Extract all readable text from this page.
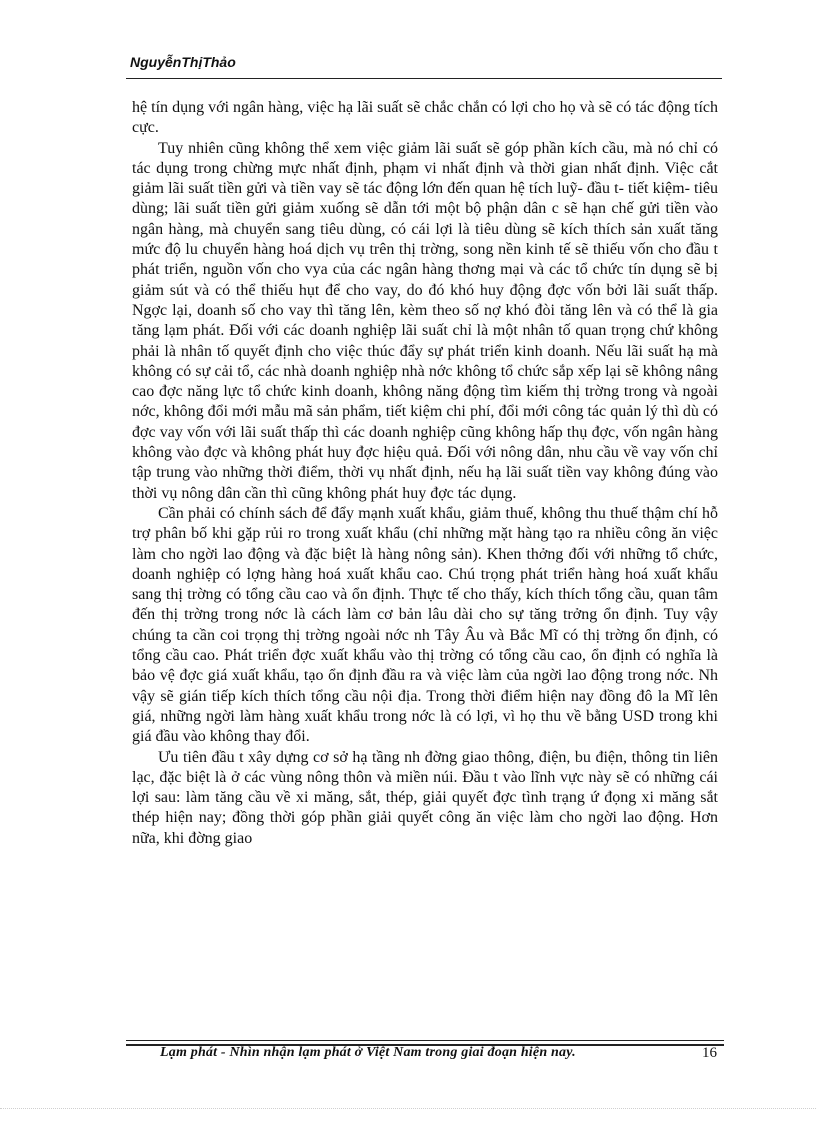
NguyễnThịThảo

hệ tín dụng với ngân hàng, việc hạ lãi suất sẽ chắc chắn có lợi cho họ và sẽ có tác động tích cực.

Tuy nhiên cũng không thể xem việc giảm lãi suất sẽ góp phần kích cầu, mà nó chỉ có tác dụng trong chừng mực nhất định, phạm vi nhất định và thời gian nhất định. Việc cắt giảm lãi suất tiền gửi và tiền vay sẽ tác động lớn đến quan hệ tích luỹ- đầu t- tiết kiệm- tiêu dùng; lãi suất tiền gửi giảm xuống sẽ dẫn tới một bộ phận dân c sẽ hạn chế gửi tiền vào ngân hàng, mà chuyển sang tiêu dùng, có cái lợi là tiêu dùng sẽ kích thích sản xuất tăng mức độ lu chuyển hàng hoá dịch vụ trên thị trờng, song nền kinh tế sẽ thiếu vốn cho đầu t phát triển, nguồn vốn cho vya của các ngân hàng thơng mại và các tổ chức tín dụng sẽ bị giảm sút và có thể thiếu hụt để cho vay, do đó khó huy động đợc vốn bởi lãi suất thấp. Ngợc lại, doanh số cho vay thì tăng lên, kèm theo số nợ khó đòi tăng lên và có thể là gia tăng lạm phát. Đối với các doanh nghiệp lãi suất chỉ là một nhân tố quan trọng chứ không phải là nhân tố quyết định cho việc thúc đẩy sự phát triển kinh doanh. Nếu lãi suất hạ mà không có sự cải tổ, các nhà doanh nghiệp nhà nớc không tổ chức sắp xếp lại sẽ không nâng cao đợc năng lực tổ chức kinh doanh, không năng động tìm kiếm thị trờng trong và ngoài nớc, không đổi mới mẫu mã sản phẩm, tiết kiệm chi phí, đổi mới công tác quản lý thì dù có đợc vay vốn với lãi suất thấp thì các doanh nghiệp cũng không hấp thụ đợc, vốn ngân hàng không vào đợc và không phát huy đợc hiệu quả. Đối với nông dân, nhu cầu về vay vốn chỉ tập trung vào những thời điểm, thời vụ nhất định, nếu hạ lãi suất tiền vay không đúng vào thời vụ nông dân cần thì cũng không phát huy đợc tác dụng.

Cần phải có chính sách để đẩy mạnh xuất khẩu, giảm thuế, không thu thuế thậm chí hỗ trợ phân bố khi gặp rủi ro trong xuất khẩu (chỉ những mặt hàng tạo ra nhiều công ăn việc làm cho ngời lao động và đặc biệt là hàng nông sản). Khen thởng đối với những tổ chức, doanh nghiệp có lợng hàng hoá xuất khẩu cao. Chú trọng phát triển hàng hoá xuất khẩu sang thị trờng có tổng cầu cao và ổn định. Thực tế cho thấy, kích thích tổng cầu, quan tâm đến thị trờng trong nớc là cách làm cơ bản lâu dài cho sự tăng trởng ổn định. Tuy vậy chúng ta cần coi trọng thị trờng ngoài nớc nh Tây Âu và Bắc Mĩ có thị trờng ổn định, có tổng cầu cao. Phát triển đợc xuất khẩu vào thị trờng có tổng cầu cao, ổn định có nghĩa là bảo vệ đợc giá xuất khẩu, tạo ổn định đầu ra và việc làm của ngời lao động trong nớc. Nh vậy sẽ gián tiếp kích thích tổng cầu nội địa. Trong thời điểm hiện nay đồng đô la Mĩ lên giá, những ngời làm hàng xuất khẩu trong nớc là có lợi, vì họ thu về bằng USD trong khi giá đầu vào không thay đổi.

Ưu tiên đầu t xây dựng cơ sở hạ tầng nh đờng giao thông, điện, bu điện, thông tin liên lạc, đặc biệt là ở các vùng nông thôn và miền núi. Đầu t vào lĩnh vực này sẽ có những cái lợi sau: làm tăng cầu về xi măng, sắt, thép, giải quyết đợc tình trạng ứ đọng xi măng sắt thép hiện nay; đồng thời góp phần giải quyết công ăn việc làm cho ngời lao động. Hơn nữa, khi đờng giao

Lạm phát - Nhìn nhận lạm phát ở Việt Nam trong giai đoạn hiện nay.	16
